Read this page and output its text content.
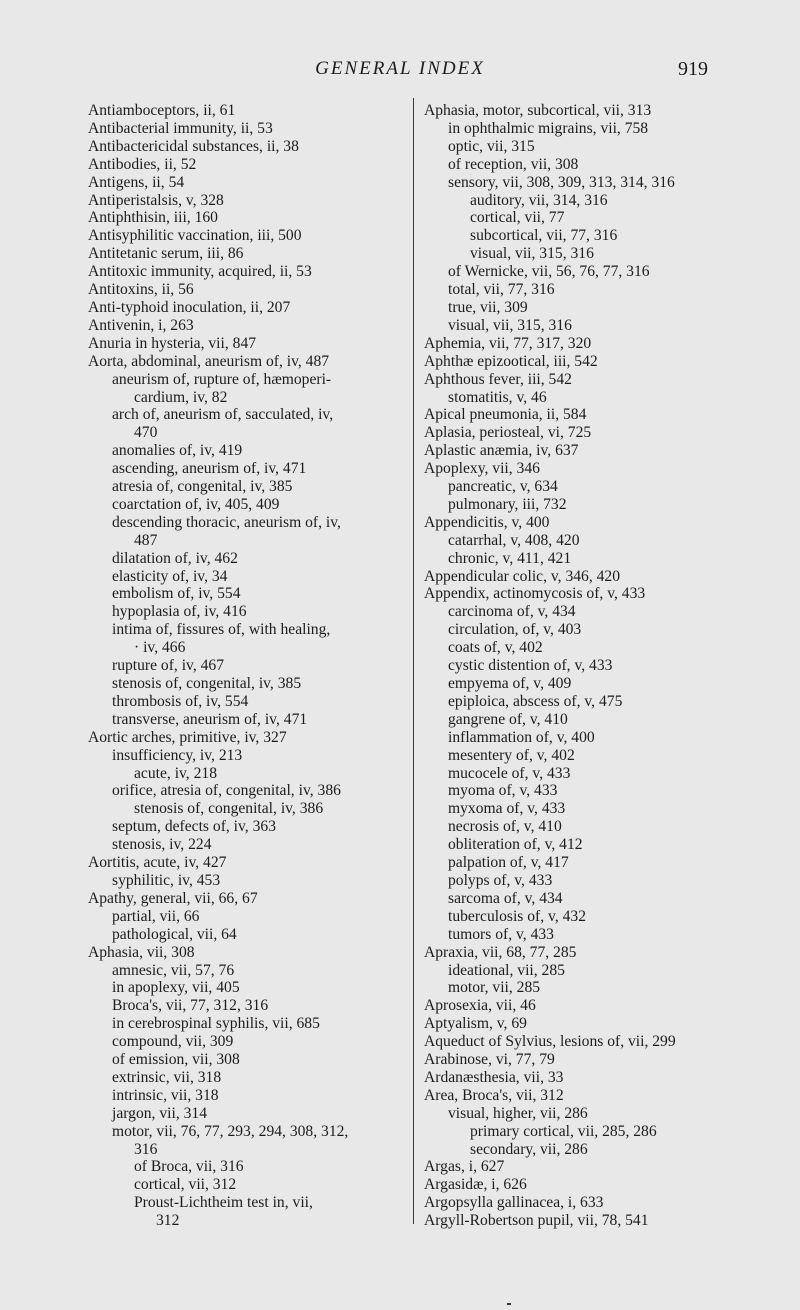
GENERAL INDEX	919
Antiamboceptors, ii, 61
Antibacterial immunity, ii, 53
Antibactericidal substances, ii, 38
Antibodies, ii, 52
Antigens, ii, 54
Antiperistalsis, v, 328
Antiphthisin, iii, 160
Antisyphilitic vaccination, iii, 500
Antitetanic serum, iii, 86
Antitoxic immunity, acquired, ii, 53
Antitoxins, ii, 56
Anti-typhoid inoculation, ii, 207
Antivenin, i, 263
Anuria in hysteria, vii, 847
Aorta, abdominal, aneurism of, iv, 487
aneurism of, rupture of, hæmoperi-
cardium, iv, 82
arch of, aneurism of, sacculated, iv,
470
anomalies of, iv, 419
ascending, aneurism of, iv, 471
atresia of, congenital, iv, 385
coarctation of, iv, 405, 409
descending thoracic, aneurism of, iv,
487
dilatation of, iv, 462
elasticity of, iv, 34
embolism of, iv, 554
hypoplasia of, iv, 416
intima of, fissures of, with healing,
· iv, 466
rupture of, iv, 467
stenosis of, congenital, iv, 385
thrombosis of, iv, 554
transverse, aneurism of, iv, 471
Aortic arches, primitive, iv, 327
insufficiency, iv, 213
acute, iv, 218
orifice, atresia of, congenital, iv, 386
stenosis of, congenital, iv, 386
septum, defects of, iv, 363
stenosis, iv, 224
Aortitis, acute, iv, 427
syphilitic, iv, 453
Apathy, general, vii, 66, 67
partial, vii, 66
pathological, vii, 64
Aphasia, vii, 308
amnesic, vii, 57, 76
in apoplexy, vii, 405
Broca's, vii, 77, 312, 316
in cerebrospinal syphilis, vii, 685
compound, vii, 309
of emission, vii, 308
extrinsic, vii, 318
intrinsic, vii, 318
jargon, vii, 314
motor, vii, 76, 77, 293, 294, 308, 312,
316
of Broca, vii, 316
cortical, vii, 312
Proust-Lichtheim test in, vii,
312
Aphasia, motor, subcortical, vii, 313
in ophthalmic migrains, vii, 758
optic, vii, 315
of reception, vii, 308
sensory, vii, 308, 309, 313, 314, 316
auditory, vii, 314, 316
cortical, vii, 77
subcortical, vii, 77, 316
visual, vii, 315, 316
of Wernicke, vii, 56, 76, 77, 316
total, vii, 77, 316
true, vii, 309
visual, vii, 315, 316
Aphemia, vii, 77, 317, 320
Aphthæ epizootical, iii, 542
Aphthous fever, iii, 542
stomatitis, v, 46
Apical pneumonia, ii, 584
Aplasia, periosteal, vi, 725
Aplastic anæmia, iv, 637
Apoplexy, vii, 346
pancreatic, v, 634
pulmonary, iii, 732
Appendicitis, v, 400
catarrhal, v, 408, 420
chronic, v, 411, 421
Appendicular colic, v, 346, 420
Appendix, actinomycosis of, v, 433
carcinoma of, v, 434
circulation, of, v, 403
coats of, v, 402
cystic distention of, v, 433
empyema of, v, 409
epiploica, abscess of, v, 475
gangrene of, v, 410
inflammation of, v, 400
mesentery of, v, 402
mucocele of, v, 433
myoma of, v, 433
myxoma of, v, 433
necrosis of, v, 410
obliteration of, v, 412
palpation of, v, 417
polyps of, v, 433
sarcoma of, v, 434
tuberculosis of, v, 432
tumors of, v, 433
Apraxia, vii, 68, 77, 285
ideational, vii, 285
motor, vii, 285
Aprosexia, vii, 46
Aptyalism, v, 69
Aqueduct of Sylvius, lesions of, vii, 299
Arabinose, vi, 77, 79
Ardanæsthesia, vii, 33
Area, Broca's, vii, 312
visual, higher, vii, 286
primary cortical, vii, 285, 286
secondary, vii, 286
Argas, i, 627
Argasidæ, i, 626
Argopsylla gallinacea, i, 633
Argyll-Robertson pupil, vii, 78, 541
